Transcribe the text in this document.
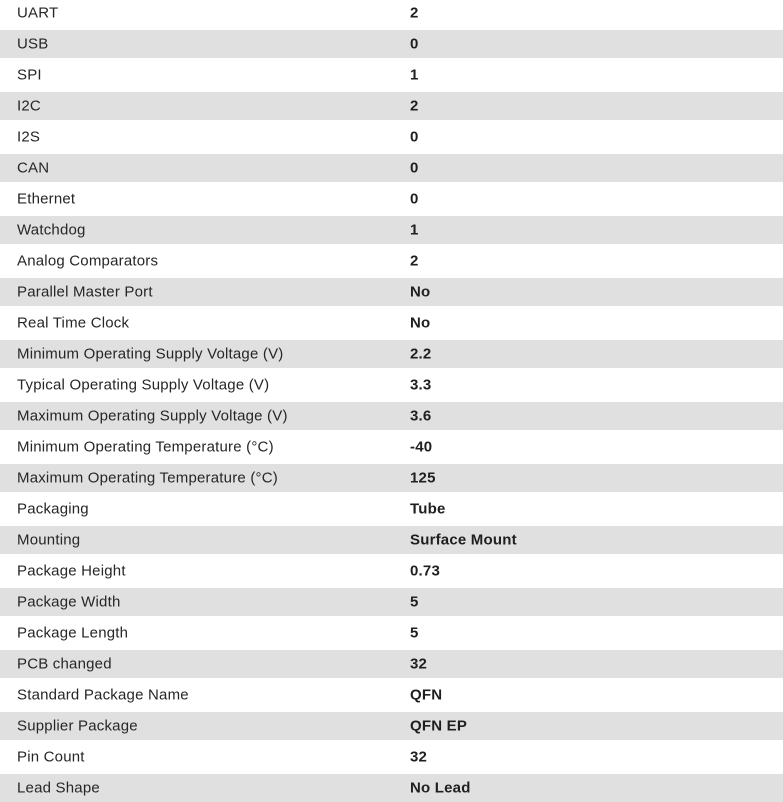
UART	2
USB	0
SPI	1
I2C	2
I2S	0
CAN	0
Ethernet	0
Watchdog	1
Analog Comparators	2
Parallel Master Port	No
Real Time Clock	No
Minimum Operating Supply Voltage (V)	2.2
Typical Operating Supply Voltage (V)	3.3
Maximum Operating Supply Voltage (V)	3.6
Minimum Operating Temperature (°C)	-40
Maximum Operating Temperature (°C)	125
Packaging	Tube
Mounting	Surface Mount
Package Height	0.73
Package Width	5
Package Length	5
PCB changed	32
Standard Package Name	QFN
Supplier Package	QFN EP
Pin Count	32
Lead Shape	No Lead
